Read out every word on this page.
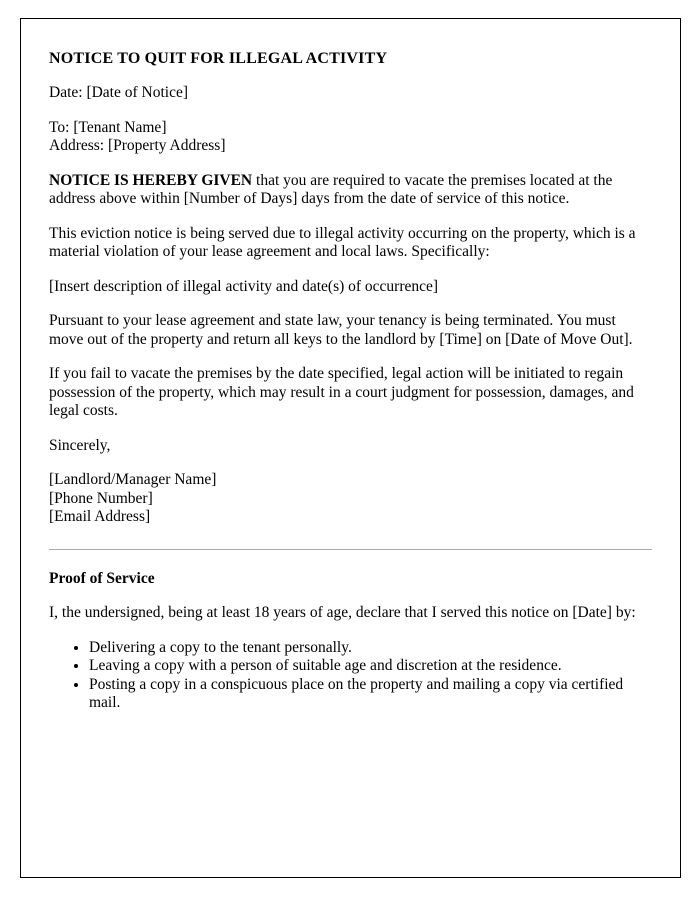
NOTICE TO QUIT FOR ILLEGAL ACTIVITY

Date: [Date of Notice]

To: [Tenant Name]

Address: [Property Address]

NOTICE IS HEREBY GIVEN that you are required to vacate the premises located at the address above within [Number of Days] days from the date of service of this notice.

This eviction notice is being served due to illegal activity occurring on the property, which is a material violation of your lease agreement and local laws. Specifically:

[Insert description of illegal activity and date(s) of occurrence]

Pursuant to your lease agreement and state law, your tenancy is being terminated. You must move out of the property and return all keys to the landlord by [Time] on [Date of Move Out].

If you fail to vacate the premises by the date specified, legal action will be initiated to regain possession of the property, which may result in a court judgment for possession, damages, and legal costs.

Sincerely,

[Landlord/Manager Name]

[Phone Number]

[Email Address]

Proof of Service

I, the undersigned, being at least 18 years of age, declare that I served this notice on [Date] by:

• Delivering a copy to the tenant personally.
• Leaving a copy with a person of suitable age and discretion at the residence.
• Posting a copy in a conspicuous place on the property and mailing a copy via certified mail.
